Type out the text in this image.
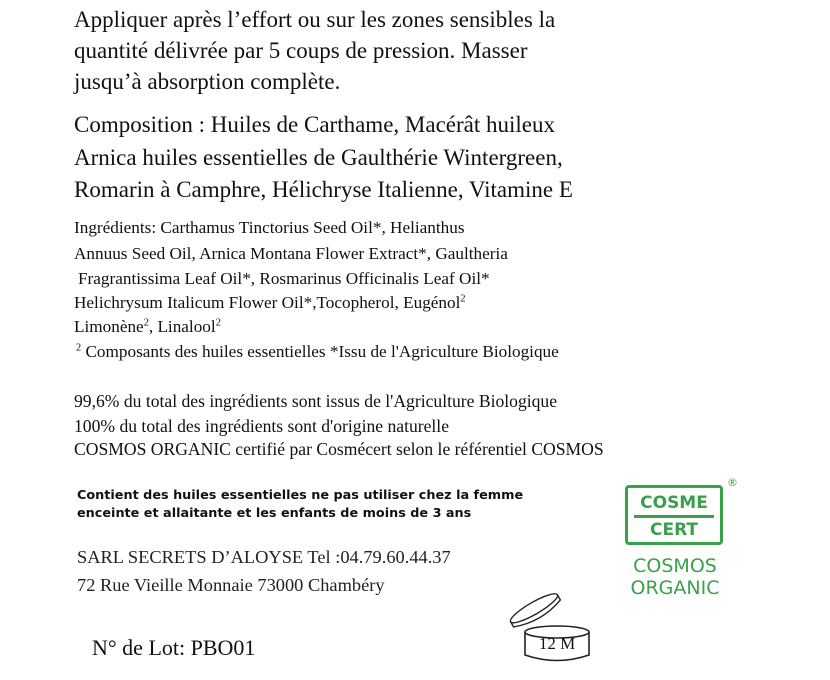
Appliquer après l’effort ou sur les zones sensibles la
quantité délivrée par 5 coups de pression. Masser
jusqu’à absorption complète.
Composition : Huiles de Carthame, Macérât huileux
Arnica huiles essentielles de Gaulthérie Wintergreen,
Romarin à Camphre, Hélichryse Italienne, Vitamine E
Ingrédients: Carthamus Tinctorius Seed Oil*, Helianthus
Annuus Seed Oil, Arnica Montana Flower Extract*, Gaultheria
Fragrantissima Leaf Oil*, Rosmarinus Officinalis Leaf Oil*
Helichrysum Italicum Flower Oil*,Tocopherol, Eugénol$^2$
Limonène$^2$, Linalool$^2$
$^2$ Composants des huiles essentielles *Issu de l'Agriculture Biologique
99,6% du total des ingrédients sont issus de l'Agriculture Biologique
100% du total des ingrédients sont d'origine naturelle
COSMOS ORGANIC certifié par Cosmécert selon le référentiel COSMOS
Contient des huiles essentielles ne pas utiliser chez la femme
enceinte et allaitante et les enfants de moins de 3 ans
SARL SECRETS D’ALOYSE Tel :04.79.60.44.37
72 Rue Vieille Monnaie 73000 Chambéry
N° de Lot: PBO01	12 M
®
COSME
CERT
COSMOS
ORGANIC
